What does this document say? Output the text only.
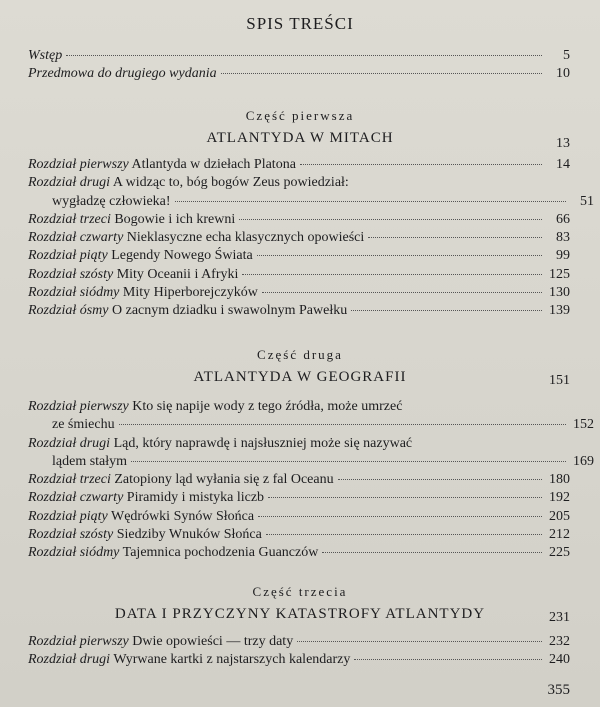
SPIS TREŚCI
Wstęp	5
Przedmowa do drugiego wydania	10
Część pierwsza
ATLANTYDA W MITACH	13
Rozdział pierwszy Atlantyda w dziełach Platona	14
Rozdział drugi A widząc to, bóg bogów Zeus powiedział:
wygładzę człowieka!	51
Rozdział trzeci Bogowie i ich krewni	66
Rozdział czwarty Nieklasyczne echa klasycznych opowieści	83
Rozdział piąty Legendy Nowego Świata	99
Rozdział szósty Mity Oceanii i Afryki	125
Rozdział siódmy Mity Hiperborejczyków	130
Rozdział ósmy O zacnym dziadku i swawolnym Pawełku	139
Część druga
ATLANTYDA W GEOGRAFII	151
Rozdział pierwszy Kto się napije wody z tego źródła, może umrzeć
ze śmiechu	152
Rozdział drugi Ląd, który naprawdę i najsłuszniej może się nazywać
lądem stałym	169
Rozdział trzeci Zatopiony ląd wyłania się z fal Oceanu	180
Rozdział czwarty Piramidy i mistyka liczb	192
Rozdział piąty Wędrówki Synów Słońca	205
Rozdział szósty Siedziby Wnuków Słońca	212
Rozdział siódmy Tajemnica pochodzenia Guanczów	225
Część trzecia
DATA I PRZYCZYNY KATASTROFY ATLANTYDY	231
Rozdział pierwszy Dwie opowieści — trzy daty	232
Rozdział drugi Wyrwane kartki z najstarszych kalendarzy	240
355
